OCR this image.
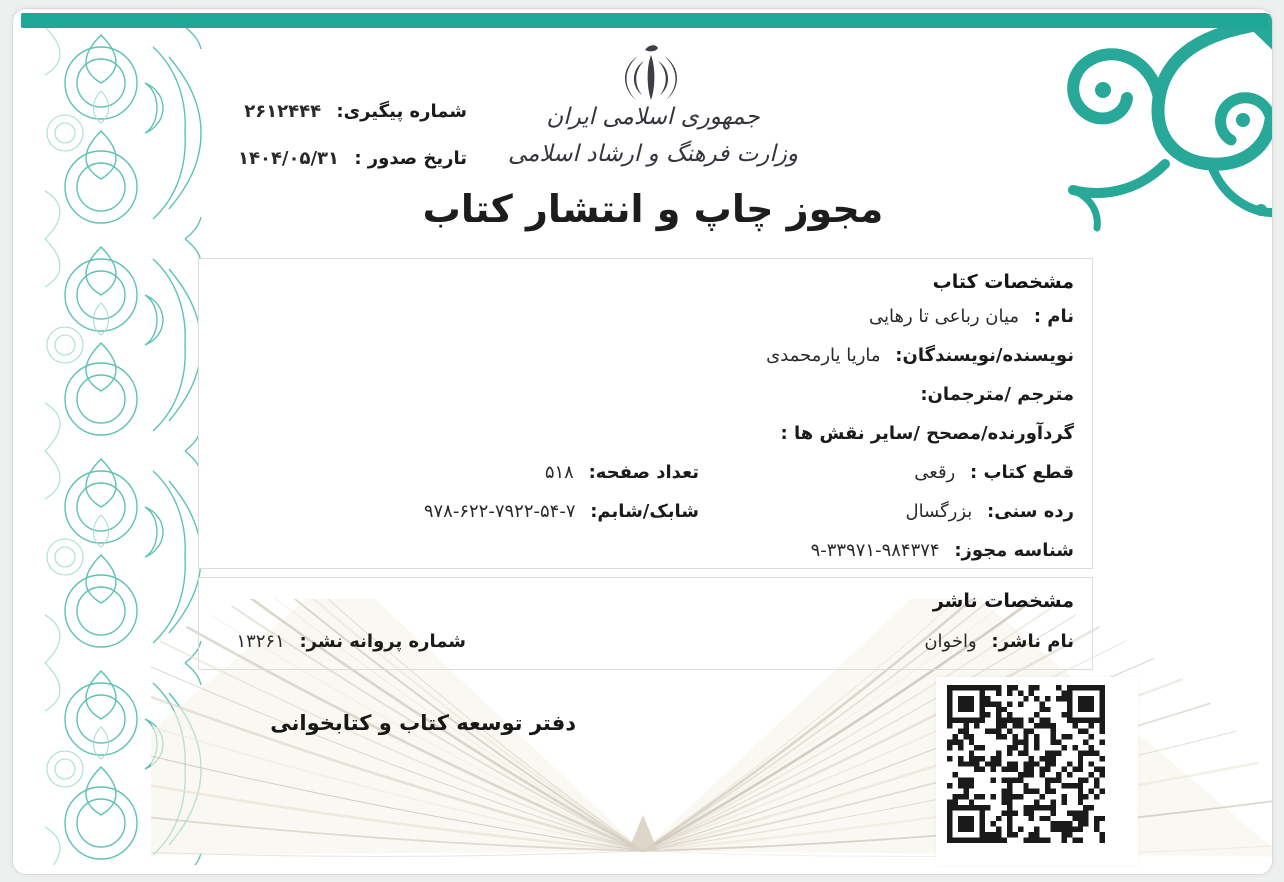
جمهوری اسلامی ایران
وزارت فرهنگ و ارشاد اسلامی
مجوز چاپ و انتشار کتاب
شماره پیگیری: ۲۶۱۲۴۴۴
تاریخ صدور : ۱۴۰۴/۰۵/۳۱
مشخصات کتاب
نام : میان رباعی تا رهایی
نویسنده/نویسندگان: ماریا یارمحمدی
مترجم /مترجمان:
گردآورنده/مصحح /سایر نقش ها :
قطع کتاب : رقعی
تعداد صفحه: ۵۱۸
رده سنی: بزرگسال
شابک/شابم: ۹۷۸-۶۲۲-۷۹۲۲-۵۴-۷
شناسه مجوز: ۹-۳۳۹۷۱-۹۸۴۳۷۴
مشخصات ناشر
نام ناشر: واخوان
شماره پروانه نشر: ۱۳۲۶۱
دفتر توسعه کتاب و کتابخوانی
